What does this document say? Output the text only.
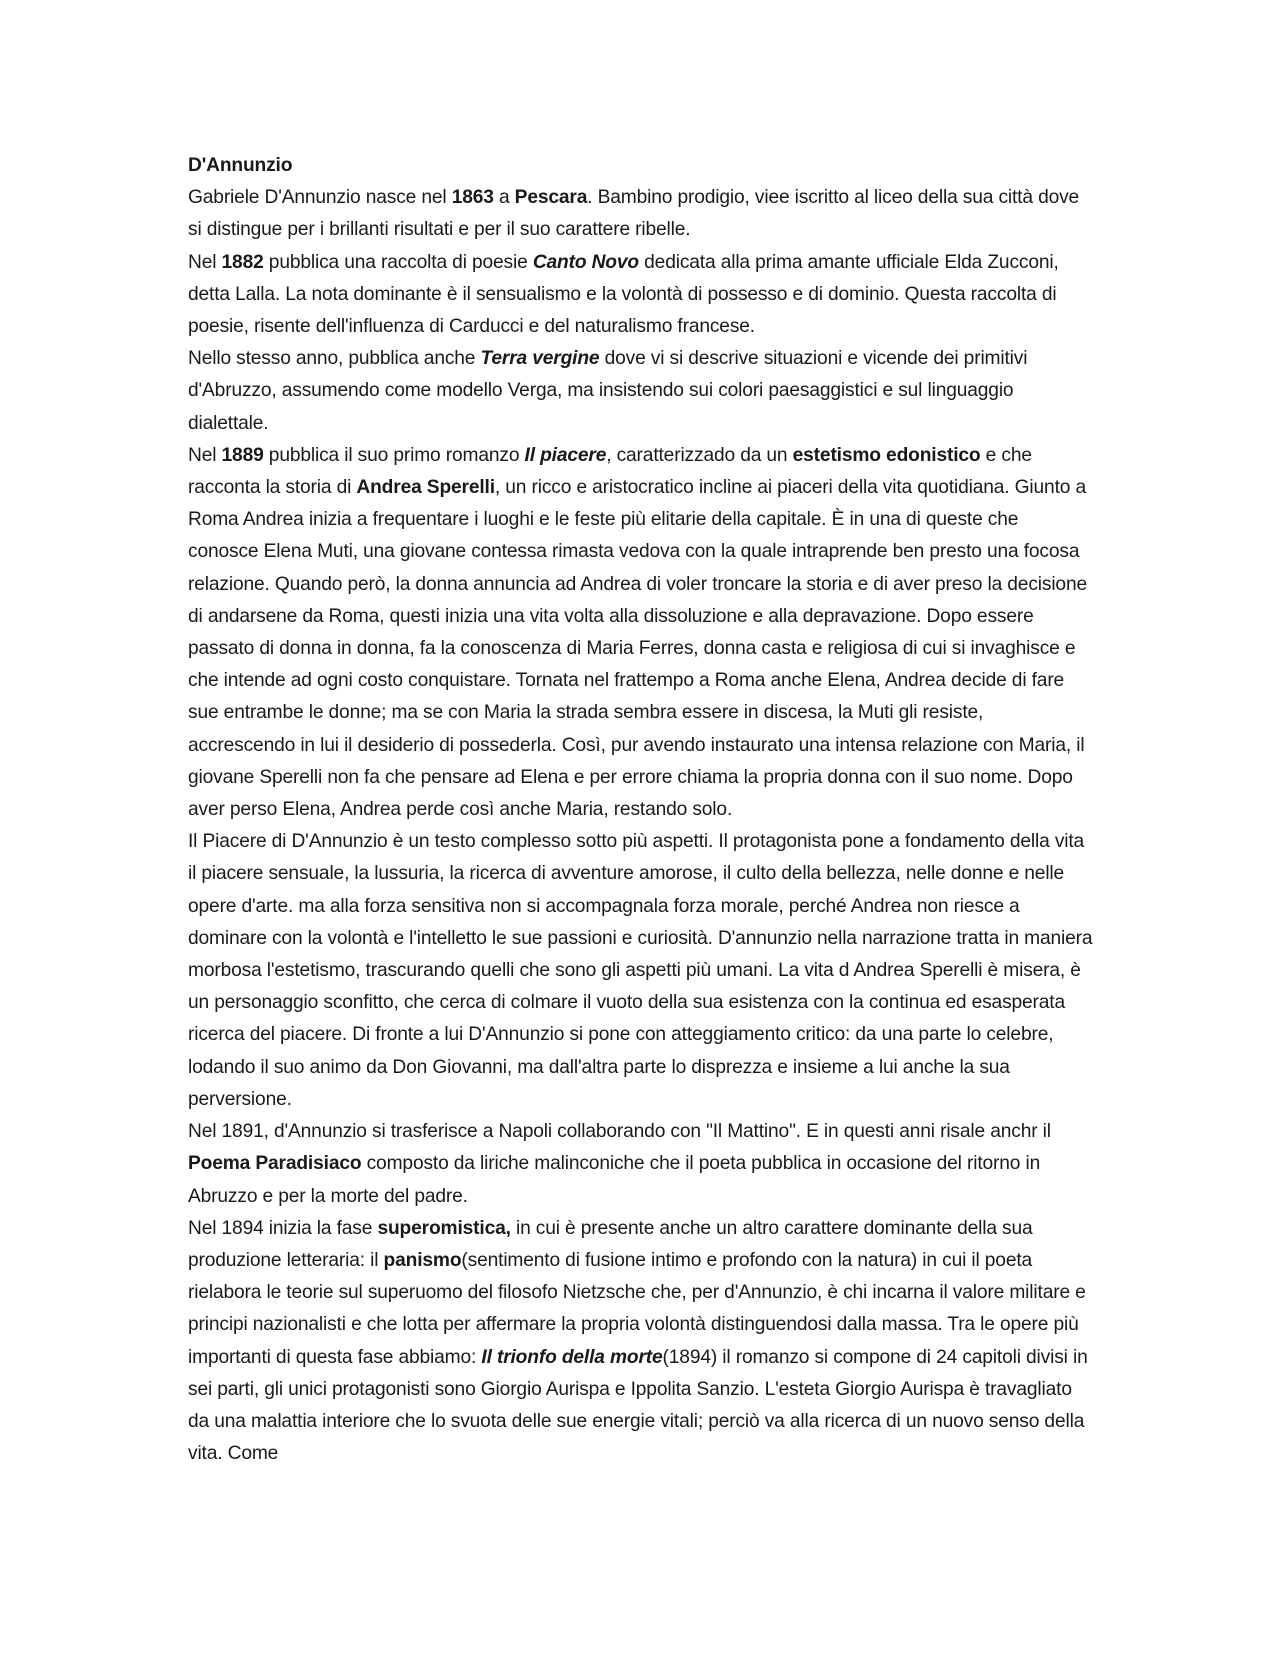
D'Annunzio

Gabriele D'Annunzio nasce nel 1863 a Pescara. Bambino prodigio, viee iscritto al liceo della sua città dove si distingue per i brillanti risultati e per il suo carattere ribelle.

Nel 1882 pubblica una raccolta di poesie Canto Novo dedicata alla prima amante ufficiale Elda Zucconi, detta Lalla. La nota dominante è il sensualismo e la volontà di possesso e di dominio. Questa raccolta di poesie, risente dell'influenza di Carducci e del naturalismo francese.

Nello stesso anno, pubblica anche Terra vergine dove vi si descrive situazioni e vicende dei primitivi d'Abruzzo, assumendo come modello Verga, ma insistendo sui colori paesaggistici e sul linguaggio dialettale.

Nel 1889 pubblica il suo primo romanzo Il piacere, caratterizzado da un estetismo edonistico e che racconta la storia di Andrea Sperelli, un ricco e aristocratico incline ai piaceri della vita quotidiana. Giunto a Roma Andrea inizia a frequentare i luoghi e le feste più elitarie della capitale. È in una di queste che conosce Elena Muti, una giovane contessa rimasta vedova con la quale intraprende ben presto una focosa relazione. Quando però, la donna annuncia ad Andrea di voler troncare la storia e di aver preso la decisione di andarsene da Roma, questi inizia una vita volta alla dissoluzione e alla depravazione. Dopo essere passato di donna in donna, fa la conoscenza di Maria Ferres, donna casta e religiosa di cui si invaghisce e che intende ad ogni costo conquistare. Tornata nel frattempo a Roma anche Elena, Andrea decide di fare sue entrambe le donne; ma se con Maria la strada sembra essere in discesa, la Muti gli resiste, accrescendo in lui il desiderio di possederla. Così, pur avendo instaurato una intensa relazione con Maria, il giovane Sperelli non fa che pensare ad Elena e per errore chiama la propria donna con il suo nome. Dopo aver perso Elena, Andrea perde così anche Maria, restando solo.

Il Piacere di D'Annunzio è un testo complesso sotto più aspetti. Il protagonista pone a fondamento della vita il piacere sensuale, la lussuria, la ricerca di avventure amorose, il culto della bellezza, nelle donne e nelle opere d'arte. ma alla forza sensitiva non si accompagnala forza morale, perché Andrea non riesce a dominare con la volontà e l'intelletto le sue passioni e curiosità. D'annunzio nella narrazione tratta in maniera morbosa l'estetismo, trascurando quelli che sono gli aspetti più umani. La vita d Andrea Sperelli è misera, è un personaggio sconfitto, che cerca di colmare il vuoto della sua esistenza con la continua ed esasperata ricerca del piacere. Di fronte a lui D'Annunzio si pone con atteggiamento critico: da una parte lo celebre, lodando il suo animo da Don Giovanni, ma dall'altra parte lo disprezza e insieme a lui anche la sua perversione.

Nel 1891, d'Annunzio si trasferisce a Napoli collaborando con "Il Mattino". E in questi anni risale anchr il Poema Paradisiaco composto da liriche malinconiche che il poeta pubblica in occasione del ritorno in Abruzzo e per la morte del padre.

Nel 1894 inizia la fase superomistica, in cui è presente anche un altro carattere dominante della sua produzione letteraria: il panismo(sentimento di fusione intimo e profondo con la natura) in cui il poeta rielabora le teorie sul superuomo del filosofo Nietzsche che, per d'Annunzio, è chi incarna il valore militare e principi nazionalisti e che lotta per affermare la propria volontà distinguendosi dalla massa. Tra le opere più importanti di questa fase abbiamo: Il trionfo della morte(1894) il romanzo si compone di 24 capitoli divisi in sei parti, gli unici protagonisti sono Giorgio Aurispa e Ippolita Sanzio. L'esteta Giorgio Aurispa è travagliato da una malattia interiore che lo svuota delle sue energie vitali; perciò va alla ricerca di un nuovo senso della vita. Come
